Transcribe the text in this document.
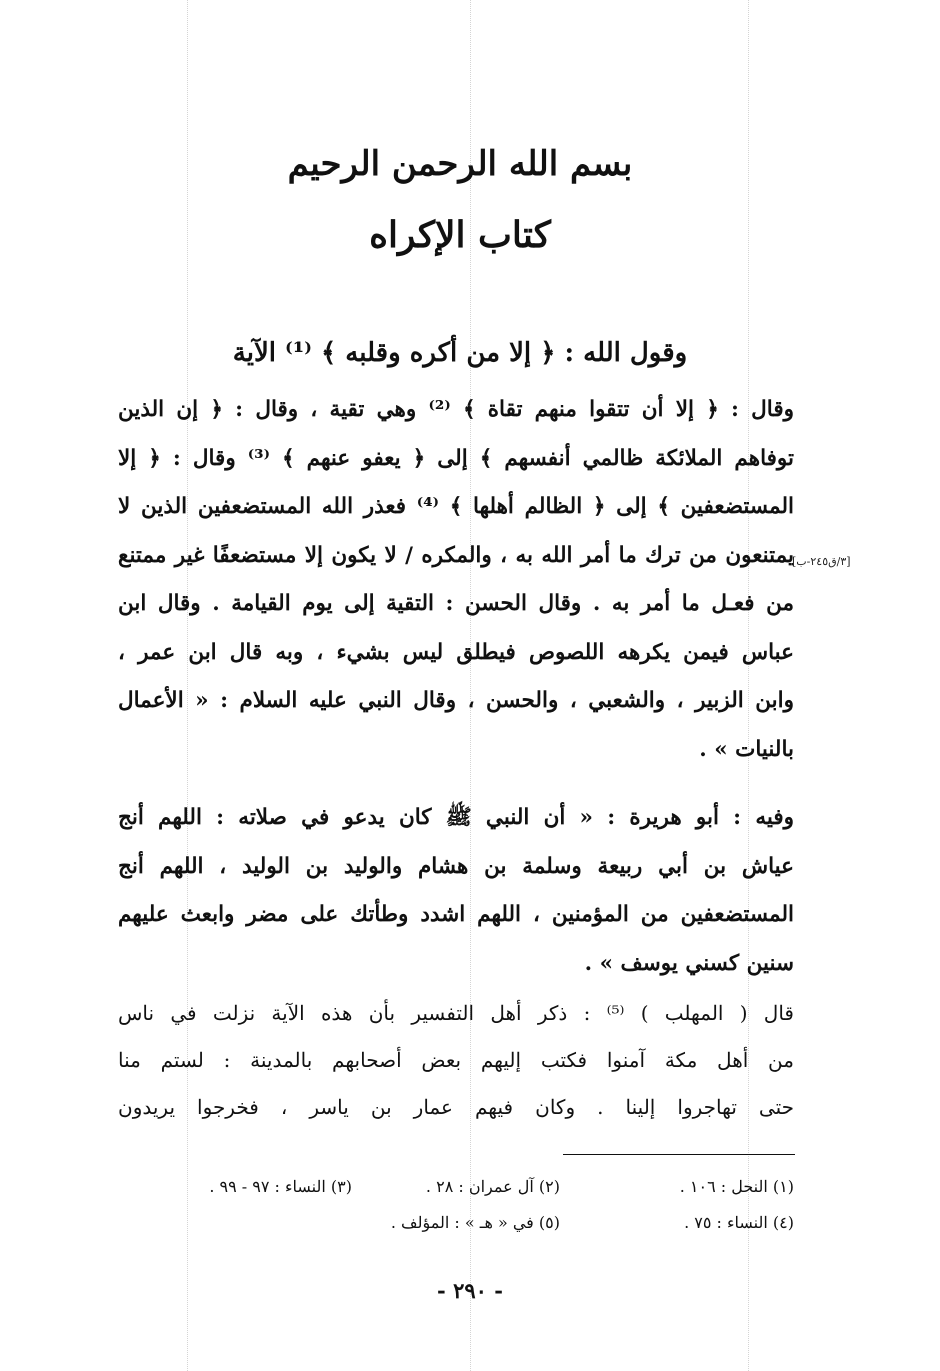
بسم الله الرحمن الرحيم
كتاب الإكراه
وقول الله : ﴿ إلا من أكره وقلبه ﴾ ⁽¹⁾ الآية
وقال : ﴿ إلا أن تتقوا منهم تقاة ﴾ ⁽²⁾ وهي تقية ، وقال : ﴿ إن الذين
توفاهم الملائكة ظالمي أنفسهم ﴾ إلى ﴿ يعفو عنهم ﴾ ⁽³⁾ وقال : ﴿ إلا
المستضعفين ﴾ إلى ﴿ الظالم أهلها ﴾ ⁽⁴⁾ فعذر الله المستضعفين الذين لا
يمتنعون من ترك ما أمر الله به ، والمكره / لا يكون إلا مستضعفًا غير ممتنع
من فعـل ما أمر به . وقال الحسن : التقية إلى يوم القيامة . وقال ابن
عباس فيمن يكرهه اللصوص فيطلق ليس بشيء ، وبه قال ابن عمر ،
وابن الزبير ، والشعبي ، والحسن ، وقال النبي عليه السلام : « الأعمال
بالنيات » .
[٣/ق٢٤٥-ب]
وفيه : أبو هريرة : « أن النبي ﷺ كان يدعو في صلاته : اللهم أنج
عياش بن أبي ربيعة وسلمة بن هشام والوليد بن الوليد ، اللهم أنج
المستضعفين من المؤمنين ، اللهم اشدد وطأتك على مضر وابعث عليهم
سنين كسني يوسف » .
قال ( المهلب ) ⁽⁵⁾ : ذكر أهل التفسير بأن هذه الآية نزلت في ناس
من أهل مكة آمنوا فكتب إليهم بعض أصحابهم بالمدينة : لستم منا
حتى تهاجروا إلينا . وكان فيهم عمار بن ياسر ، فخرجوا يريدون
(١) النحل : ١٠٦ .
(٢) آل عمران : ٢٨ .
(٣) النساء : ٩٧ - ٩٩ .
(٤) النساء : ٧٥ .
(٥) في « هـ » : المؤلف .
- ٢٩٠ -
